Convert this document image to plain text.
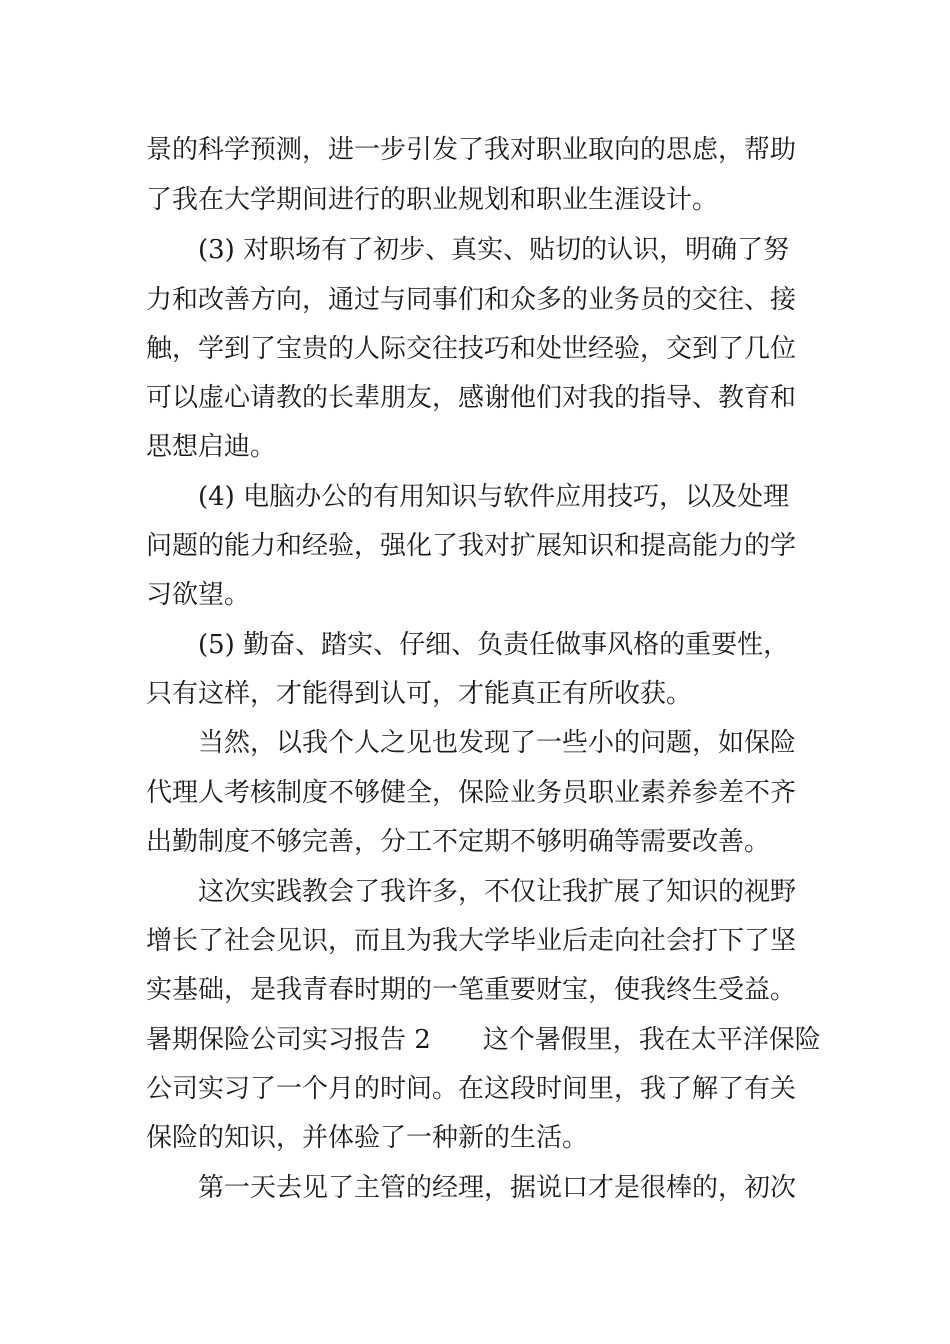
景的科学预测，进一步引发了我对职业取向的思虑，帮助
了我在大学期间进行的职业规划和职业生涯设计。
　　(3) 对职场有了初步、真实、贴切的认识，明确了努
力和改善方向，通过与同事们和众多的业务员的交往、接
触，学到了宝贵的人际交往技巧和处世经验，交到了几位
可以虚心请教的长辈朋友，感谢他们对我的指导、教育和
思想启迪。
　　(4) 电脑办公的有用知识与软件应用技巧，以及处理
问题的能力和经验，强化了我对扩展知识和提高能力的学
习欲望。
　　(5) 勤奋、踏实、仔细、负责任做事风格的重要性，
只有这样，才能得到认可，才能真正有所收获。
　　当然，以我个人之见也发现了一些小的问题，如保险
代理人考核制度不够健全，保险业务员职业素养参差不齐
出勤制度不够完善，分工不定期不够明确等需要改善。
　　这次实践教会了我许多，不仅让我扩展了知识的视野
增长了社会见识，而且为我大学毕业后走向社会打下了坚
实基础，是我青春时期的一笔重要财宝，使我终生受益。
暑期保险公司实习报告 2　　这个暑假里，我在太平洋保险
公司实习了一个月的时间。在这段时间里，我了解了有关
保险的知识，并体验了一种新的生活。
　　第一天去见了主管的经理，据说口才是很棒的，初次
